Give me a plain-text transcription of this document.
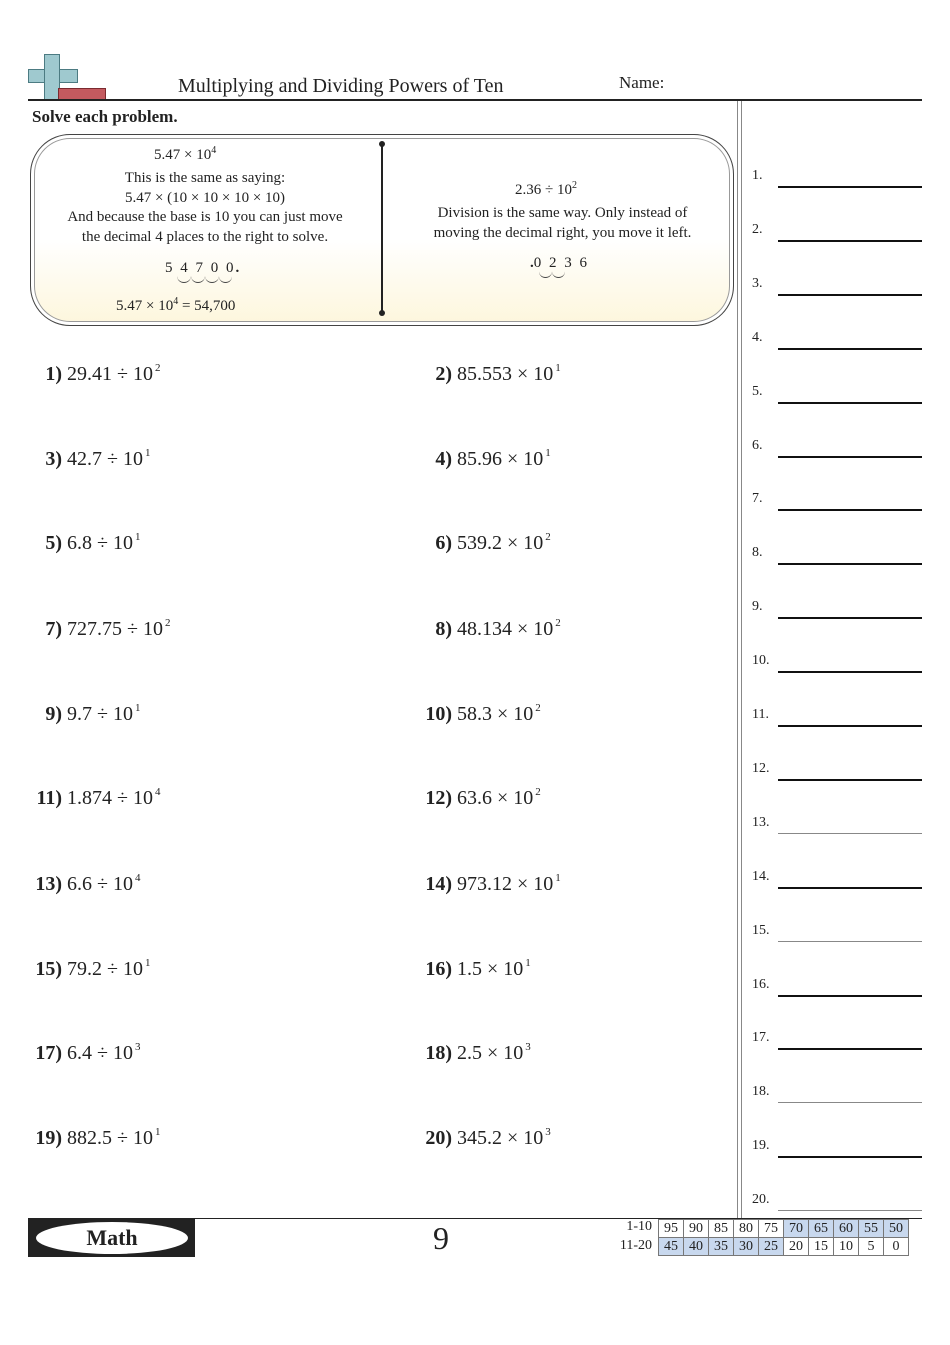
Multiplying and Dividing Powers of Ten	Name:
Solve each problem.
$5.47 \times 10^4$
This is the same as saying:
5.47 × (10 × 10 × 10 × 10)
And because the base is 10 you can just move
the decimal 4 places to the right to solve.
5 4 7 0 0.
$5.47 \times 10^4 = 54,700$
$2.36 \div 10^2$
Division is the same way. Only instead of
moving the decimal right, you move it left.
.0 2 3 6
1) 29.41 ÷ 10 $^2$	2) 85.553 × 10 $^1$
3) 42.7 ÷ 10 $^1$	4) 85.96 × 10 $^1$
5) 6.8 ÷ 10 $^1$	6) 539.2 × 10 $^2$
7) 727.75 ÷ 10 $^2$	8) 48.134 × 10 $^2$
9) 9.7 ÷ 10 $^1$	10) 58.3 × 10 $^2$
11) 1.874 ÷ 10 $^4$	12) 63.6 × 10 $^2$
13) 6.6 ÷ 10 $^4$	14) 973.12 × 10 $^1$
15) 79.2 ÷ 10 $^1$	16) 1.5 × 10 $^1$
17) 6.4 ÷ 10 $^3$	18) 2.5 × 10 $^3$
19) 882.5 ÷ 10 $^1$	20) 345.2 × 10 $^3$
1.
2.
3.
4.
5.
6.
7.
8.
9.
10.
11.
12.
13.
14.
15.
16.
17.
18.
19.
20.
Math	9	1-10
11-20
95	90	85	80	75	70	65	60	55	50
45	40	35	30	25	20	15	10	5	0
